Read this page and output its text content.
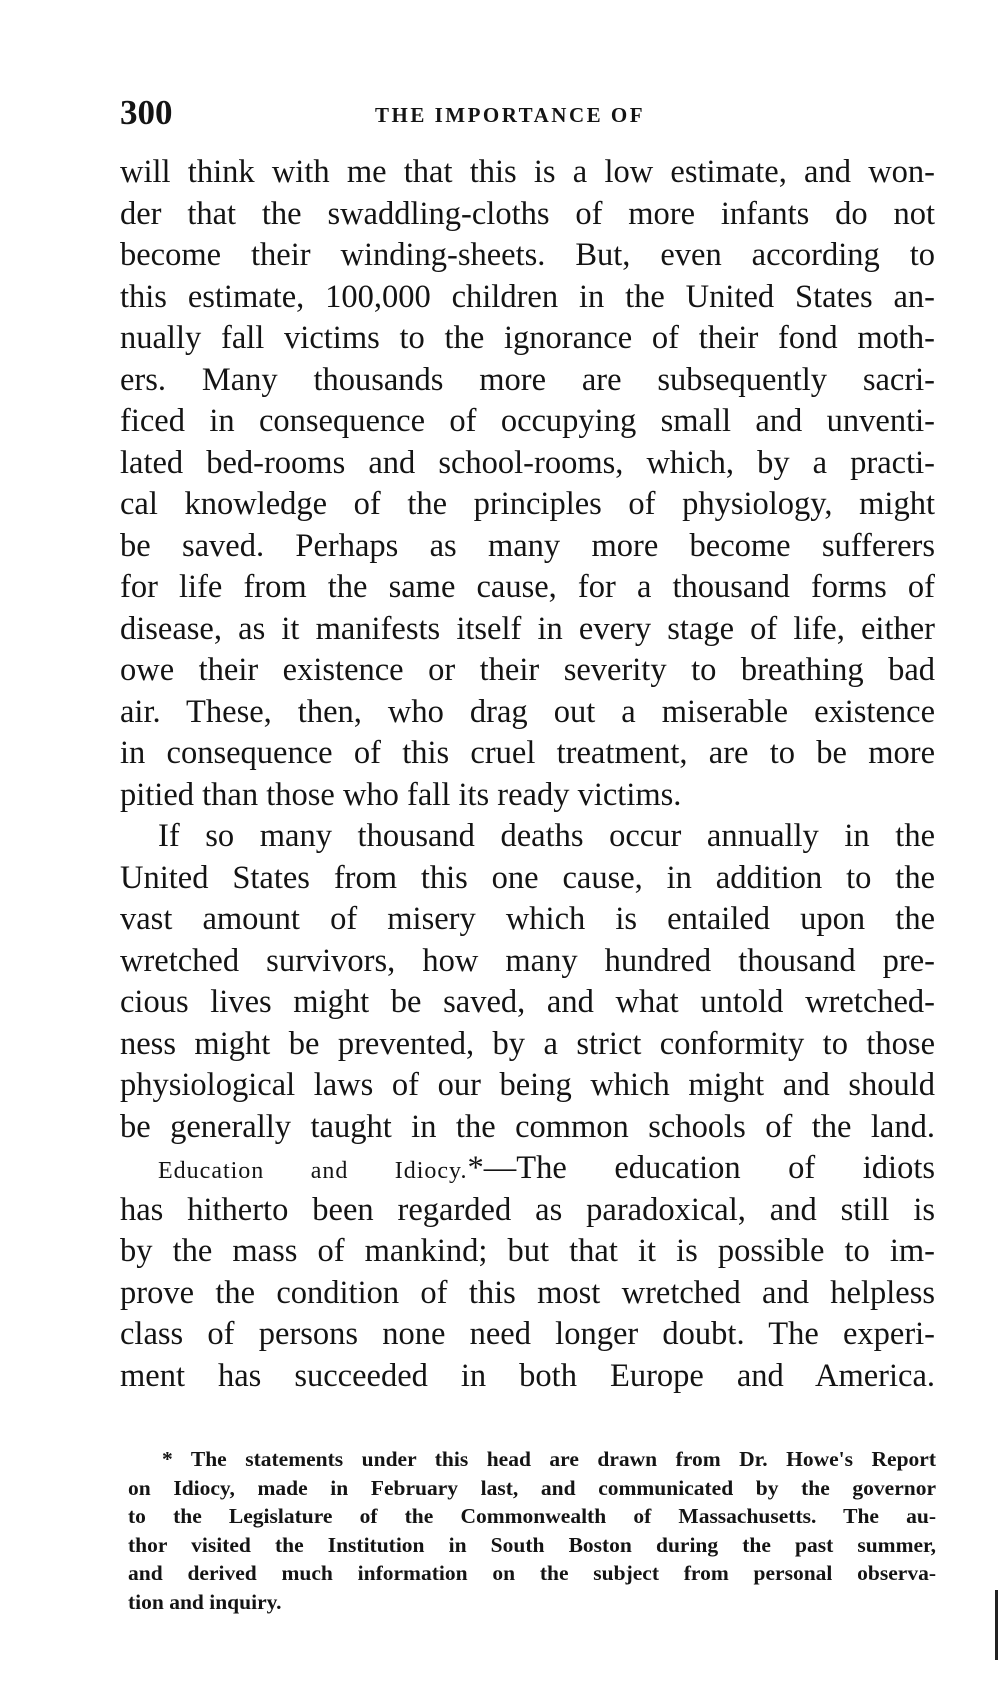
300	THE IMPORTANCE OF
will think with me that this is a low estimate, and won-
der that the swaddling-cloths of more infants do not
become their winding-sheets. But, even according to
this estimate, 100,000 children in the United States an-
nually fall victims to the ignorance of their fond moth-
ers. Many thousands more are subsequently sacri-
ficed in consequence of occupying small and unventi-
lated bed-rooms and school-rooms, which, by a practi-
cal knowledge of the principles of physiology, might
be saved. Perhaps as many more become sufferers
for life from the same cause, for a thousand forms of
disease, as it manifests itself in every stage of life, either
owe their existence or their severity to breathing bad
air. These, then, who drag out a miserable existence
in consequence of this cruel treatment, are to be more
pitied than those who fall its ready victims.
If so many thousand deaths occur annually in the
United States from this one cause, in addition to the
vast amount of misery which is entailed upon the
wretched survivors, how many hundred thousand pre-
cious lives might be saved, and what untold wretched-
ness might be prevented, by a strict conformity to those
physiological laws of our being which might and should
be generally taught in the common schools of the land.
Education and Idiocy.*—The education of idiots
has hitherto been regarded as paradoxical, and still is
by the mass of mankind; but that it is possible to im-
prove the condition of this most wretched and helpless
class of persons none need longer doubt. The experi-
ment has succeeded in both Europe and America.
* The statements under this head are drawn from Dr. Howe's Report
on Idiocy, made in February last, and communicated by the governor
to the Legislature of the Commonwealth of Massachusetts. The au-
thor visited the Institution in South Boston during the past summer,
and derived much information on the subject from personal observa-
tion and inquiry.
